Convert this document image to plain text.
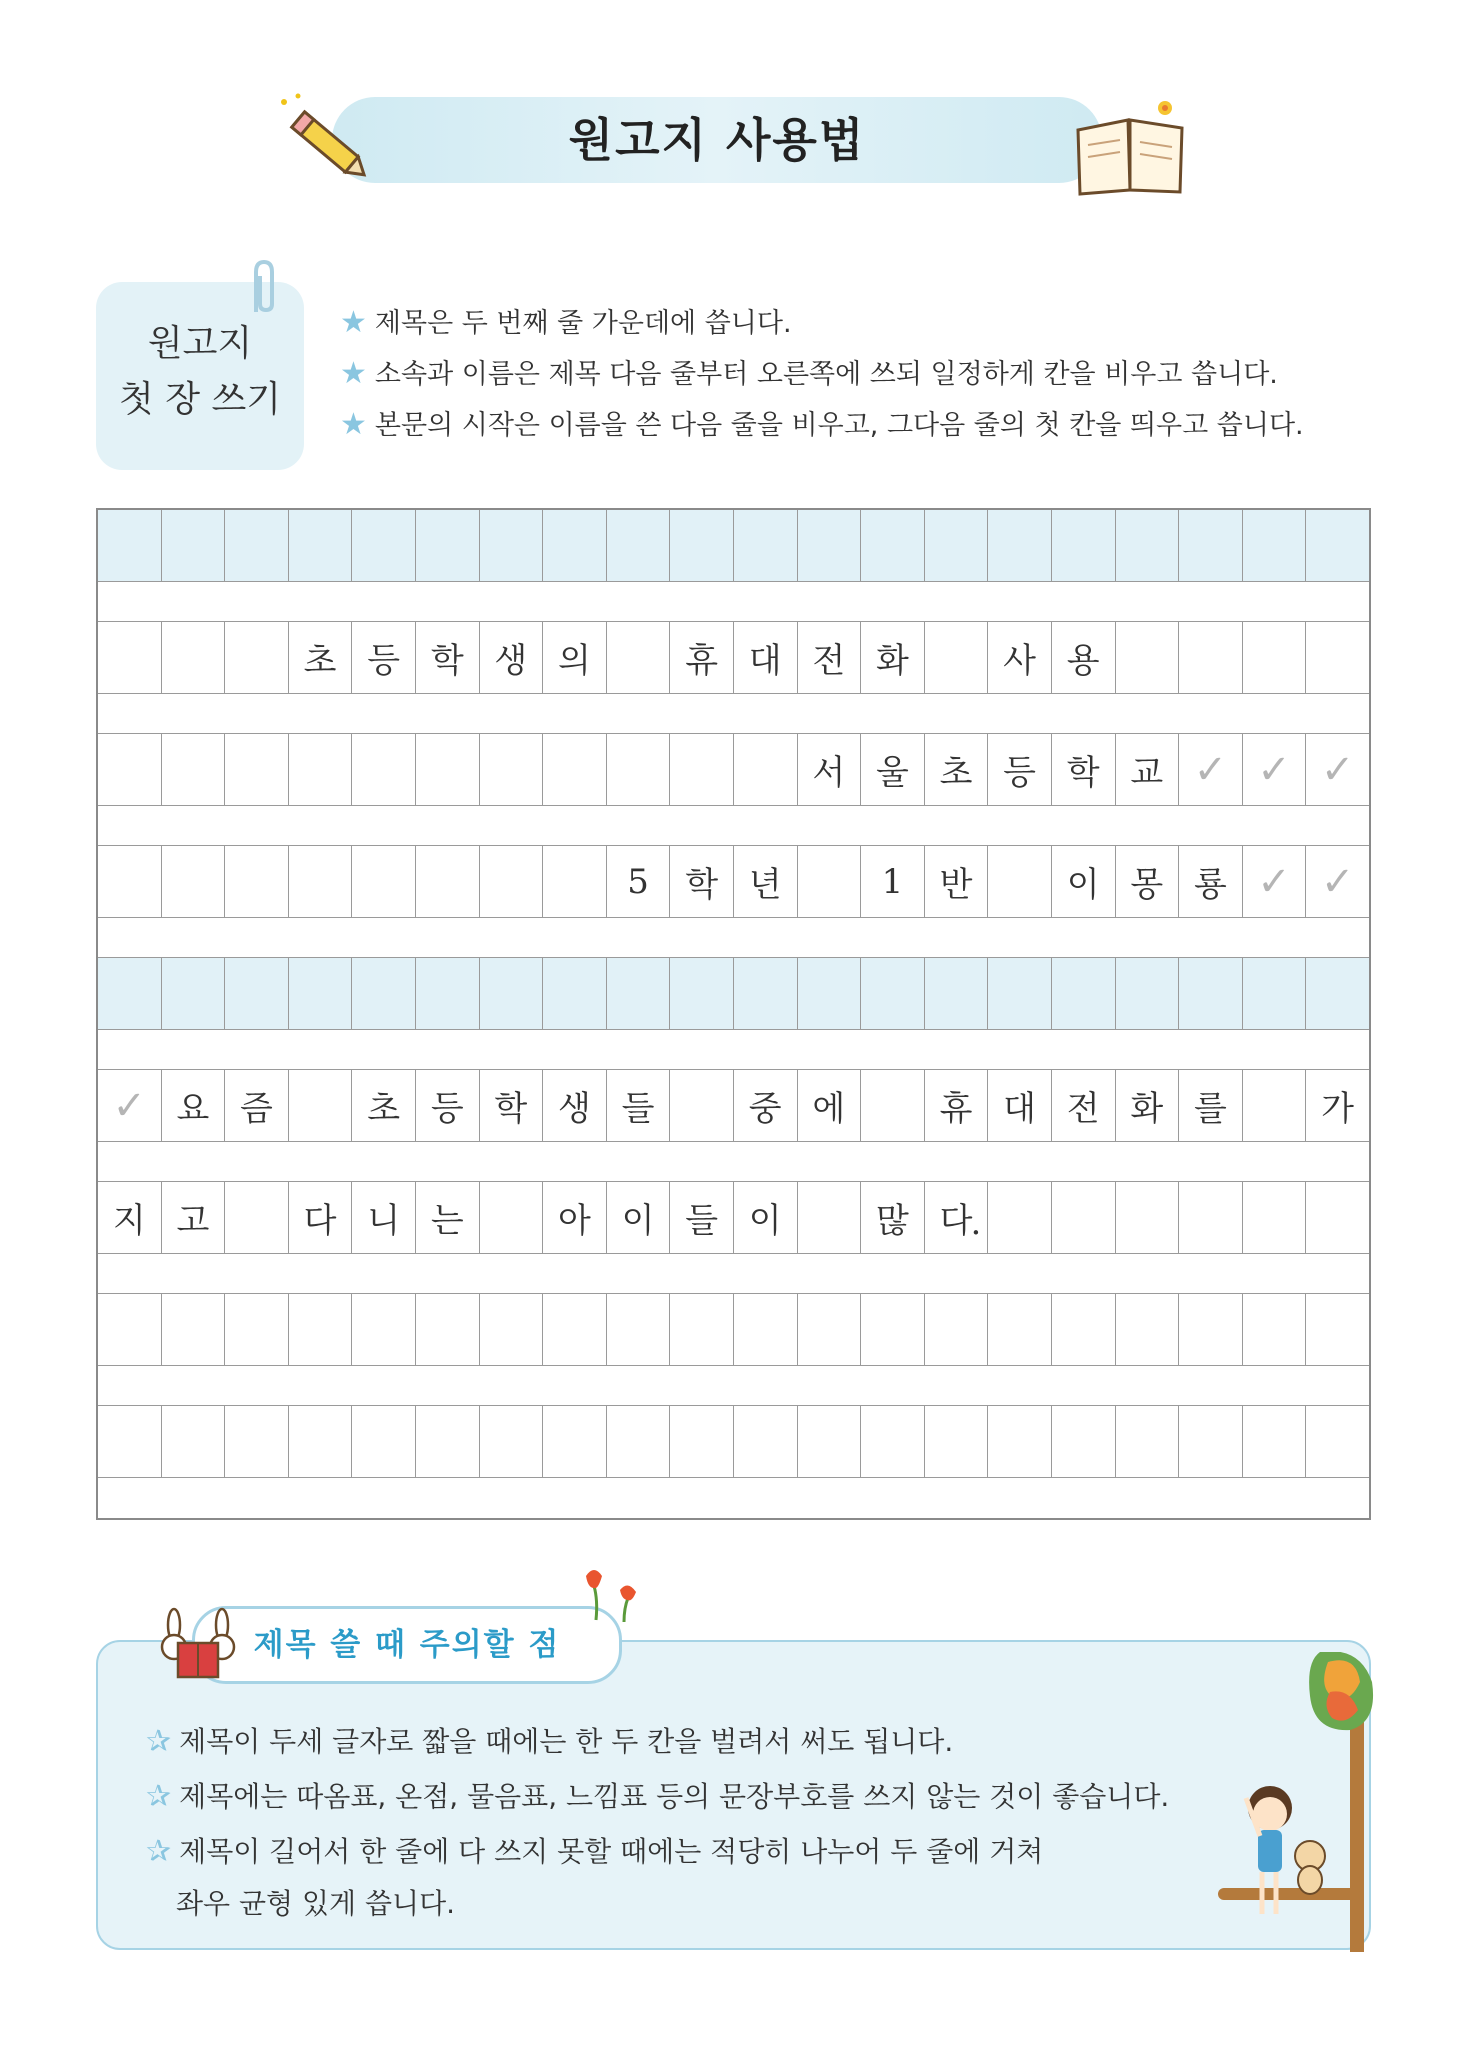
원고지 사용법
원고지
첫 장 쓰기
★ 제목은 두 번째 줄 가운데에 씁니다.
★ 소속과 이름은 제목 다음 줄부터 오른쪽에 쓰되 일정하게 칸을 비우고 씁니다.
★ 본문의 시작은 이름을 쓴 다음 줄을 비우고, 그다음 줄의 첫 칸을 띄우고 씁니다.
초 등 학 생 의	휴 대 전 화	사 용
서 울 초 등 학 교 ✓ ✓ ✓
5 학 년	1 반	이 몽 룡 ✓ ✓
✓ 요 즘	초 등 학 생 들	중 에	휴 대 전 화 를	가
지 고	다 니 는	아 이 들 이	많 다
.
제목 쓸 때 주의할 점
✰ 제목이 두세 글자로 짧을 때에는 한 두 칸을 벌려서 써도 됩니다.
✰ 제목에는 따옴표, 온점, 물음표, 느낌표 등의 문장부호를 쓰지 않는 것이 좋습니다.
✰ 제목이 길어서 한 줄에 다 쓰지 못할 때에는 적당히 나누어 두 줄에 거쳐
좌우 균형 있게 씁니다.
